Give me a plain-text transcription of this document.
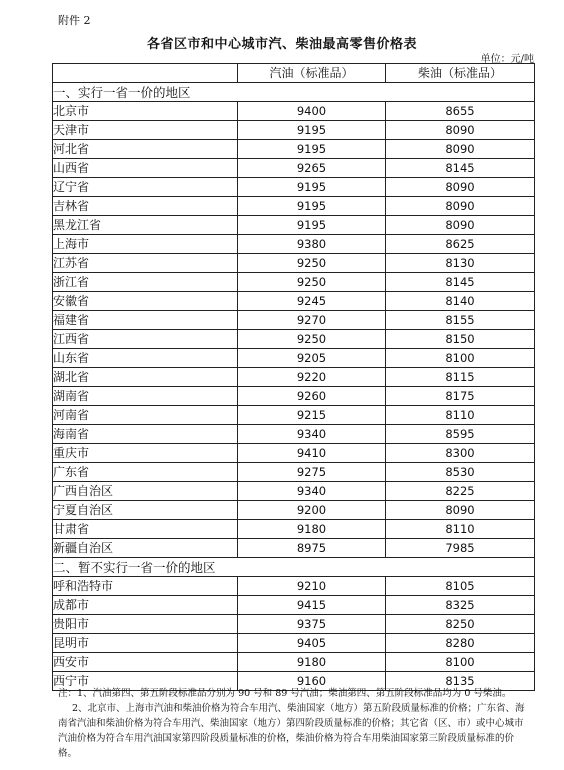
附件 2
各省区市和中心城市汽、柴油最高零售价格表
单位：元/吨
	汽油（标准品）	柴油（标准品）
一、实行一省一价的地区		
北京市	9400	8655
天津市	9195	8090
河北省	9195	8090
山西省	9265	8145
辽宁省	9195	8090
吉林省	9195	8090
黑龙江省	9195	8090
上海市	9380	8625
江苏省	9250	8130
浙江省	9250	8145
安徽省	9245	8140
福建省	9270	8155
江西省	9250	8150
山东省	9205	8100
湖北省	9220	8115
湖南省	9260	8175
河南省	9215	8110
海南省	9340	8595
重庆市	9410	8300
广东省	9275	8530
广西自治区	9340	8225
宁夏自治区	9200	8090
甘肃省	9180	8110
新疆自治区	8975	7985
二、暂不实行一省一价的地区		
呼和浩特市	9210	8105
成都市	9415	8325
贵阳市	9375	8250
昆明市	9405	8280
西安市	9180	8100
西宁市	9160	8135

注：1、汽油第四、第五阶段标准品分别为 90 号和 89 号汽油；柴油第四、第五阶段标准品均为 0 号柴油。

2、北京市、上海市汽油和柴油价格为符合车用汽、柴油国家（地方）第五阶段质量标准的价格；广东省、海南省汽油和柴油价格为符合车用汽、柴油国家（地方）第四阶段质量标准的价格；其它省（区、市）或中心城市汽油价格为符合车用汽油国家第四阶段质量标准的价格，柴油价格为符合车用柴油国家第三阶段质量标准的价格。
